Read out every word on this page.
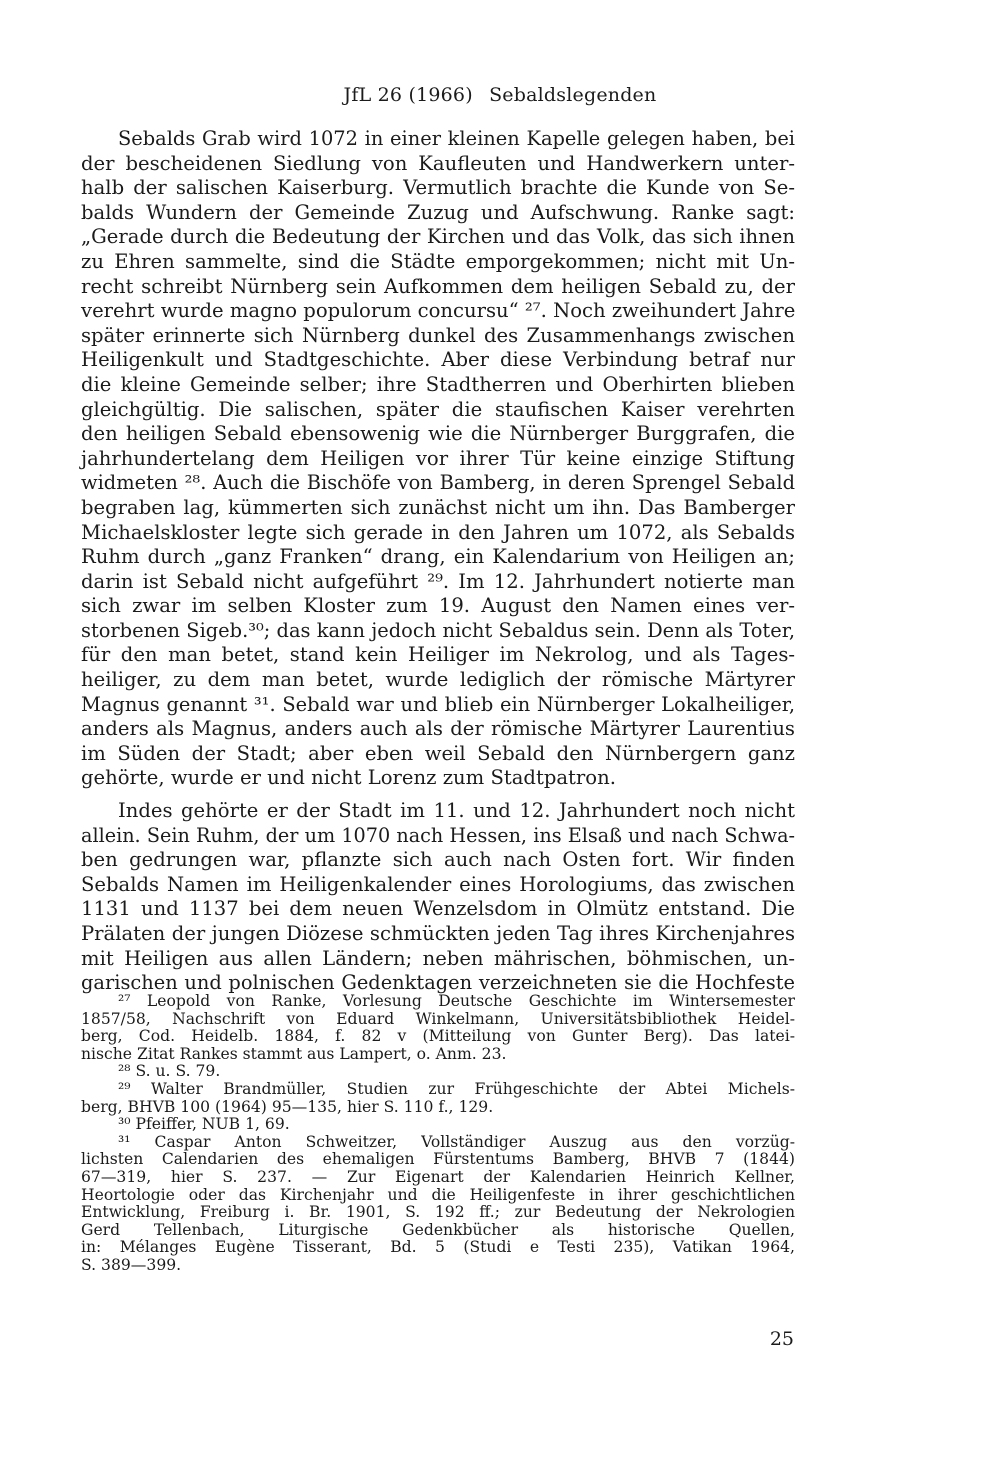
JfL 26 (1966) Sebaldslegenden
Sebalds Grab wird 1072 in einer kleinen Kapelle gelegen haben, bei
der bescheidenen Siedlung von Kaufleuten und Handwerkern unter-
halb der salischen Kaiserburg. Vermutlich brachte die Kunde von Se-
balds Wundern der Gemeinde Zuzug und Aufschwung. Ranke sagt:
„Gerade durch die Bedeutung der Kirchen und das Volk, das sich ihnen
zu Ehren sammelte, sind die Städte emporgekommen; nicht mit Un-
recht schreibt Nürnberg sein Aufkommen dem heiligen Sebald zu, der
verehrt wurde magno populorum concursu“ ²⁷. Noch zweihundert Jahre
später erinnerte sich Nürnberg dunkel des Zusammenhangs zwischen
Heiligenkult und Stadtgeschichte. Aber diese Verbindung betraf nur
die kleine Gemeinde selber; ihre Stadtherren und Oberhirten blieben
gleichgültig. Die salischen, später die staufischen Kaiser verehrten
den heiligen Sebald ebensowenig wie die Nürnberger Burggrafen, die
jahrhundertelang dem Heiligen vor ihrer Tür keine einzige Stiftung
widmeten ²⁸. Auch die Bischöfe von Bamberg, in deren Sprengel Sebald
begraben lag, kümmerten sich zunächst nicht um ihn. Das Bamberger
Michaelskloster legte sich gerade in den Jahren um 1072, als Sebalds
Ruhm durch „ganz Franken“ drang, ein Kalendarium von Heiligen an;
darin ist Sebald nicht aufgeführt ²⁹. Im 12. Jahrhundert notierte man
sich zwar im selben Kloster zum 19. August den Namen eines ver-
storbenen Sigeb.³⁰; das kann jedoch nicht Sebaldus sein. Denn als Toter,
für den man betet, stand kein Heiliger im Nekrolog, und als Tages-
heiliger, zu dem man betet, wurde lediglich der römische Märtyrer
Magnus genannt ³¹. Sebald war und blieb ein Nürnberger Lokalheiliger,
anders als Magnus, anders auch als der römische Märtyrer Laurentius
im Süden der Stadt; aber eben weil Sebald den Nürnbergern ganz
gehörte, wurde er und nicht Lorenz zum Stadtpatron.
Indes gehörte er der Stadt im 11. und 12. Jahrhundert noch nicht
allein. Sein Ruhm, der um 1070 nach Hessen, ins Elsaß und nach Schwa-
ben gedrungen war, pflanzte sich auch nach Osten fort. Wir finden
Sebalds Namen im Heiligenkalender eines Horologiums, das zwischen
1131 und 1137 bei dem neuen Wenzelsdom in Olmütz entstand. Die
Prälaten der jungen Diözese schmückten jeden Tag ihres Kirchenjahres
mit Heiligen aus allen Ländern; neben mährischen, böhmischen, un-
garischen und polnischen Gedenktagen verzeichneten sie die Hochfeste
²⁷ Leopold von Ranke, Vorlesung Deutsche Geschichte im Wintersemester
1857/58, Nachschrift von Eduard Winkelmann, Universitätsbibliothek Heidel-
berg, Cod. Heidelb. 1884, f. 82 v (Mitteilung von Gunter Berg). Das latei-
nische Zitat Rankes stammt aus Lampert, o. Anm. 23.
²⁸ S. u. S. 79.
²⁹ Walter Brandmüller, Studien zur Frühgeschichte der Abtei Michels-
berg, BHVB 100 (1964) 95—135, hier S. 110 f., 129.
³⁰ Pfeiffer, NUB 1, 69.
³¹ Caspar Anton Schweitzer, Vollständiger Auszug aus den vorzüg-
lichsten Calendarien des ehemaligen Fürstentums Bamberg, BHVB 7 (1844)
67—319, hier S. 237. — Zur Eigenart der Kalendarien Heinrich Kellner,
Heortologie oder das Kirchenjahr und die Heiligenfeste in ihrer geschichtlichen
Entwicklung, Freiburg i. Br. 1901, S. 192 ff.; zur Bedeutung der Nekrologien
Gerd Tellenbach, Liturgische Gedenkbücher als historische Quellen,
in: Mélanges Eugène Tisserant, Bd. 5 (Studi e Testi 235), Vatikan 1964,
S. 389—399.
25
